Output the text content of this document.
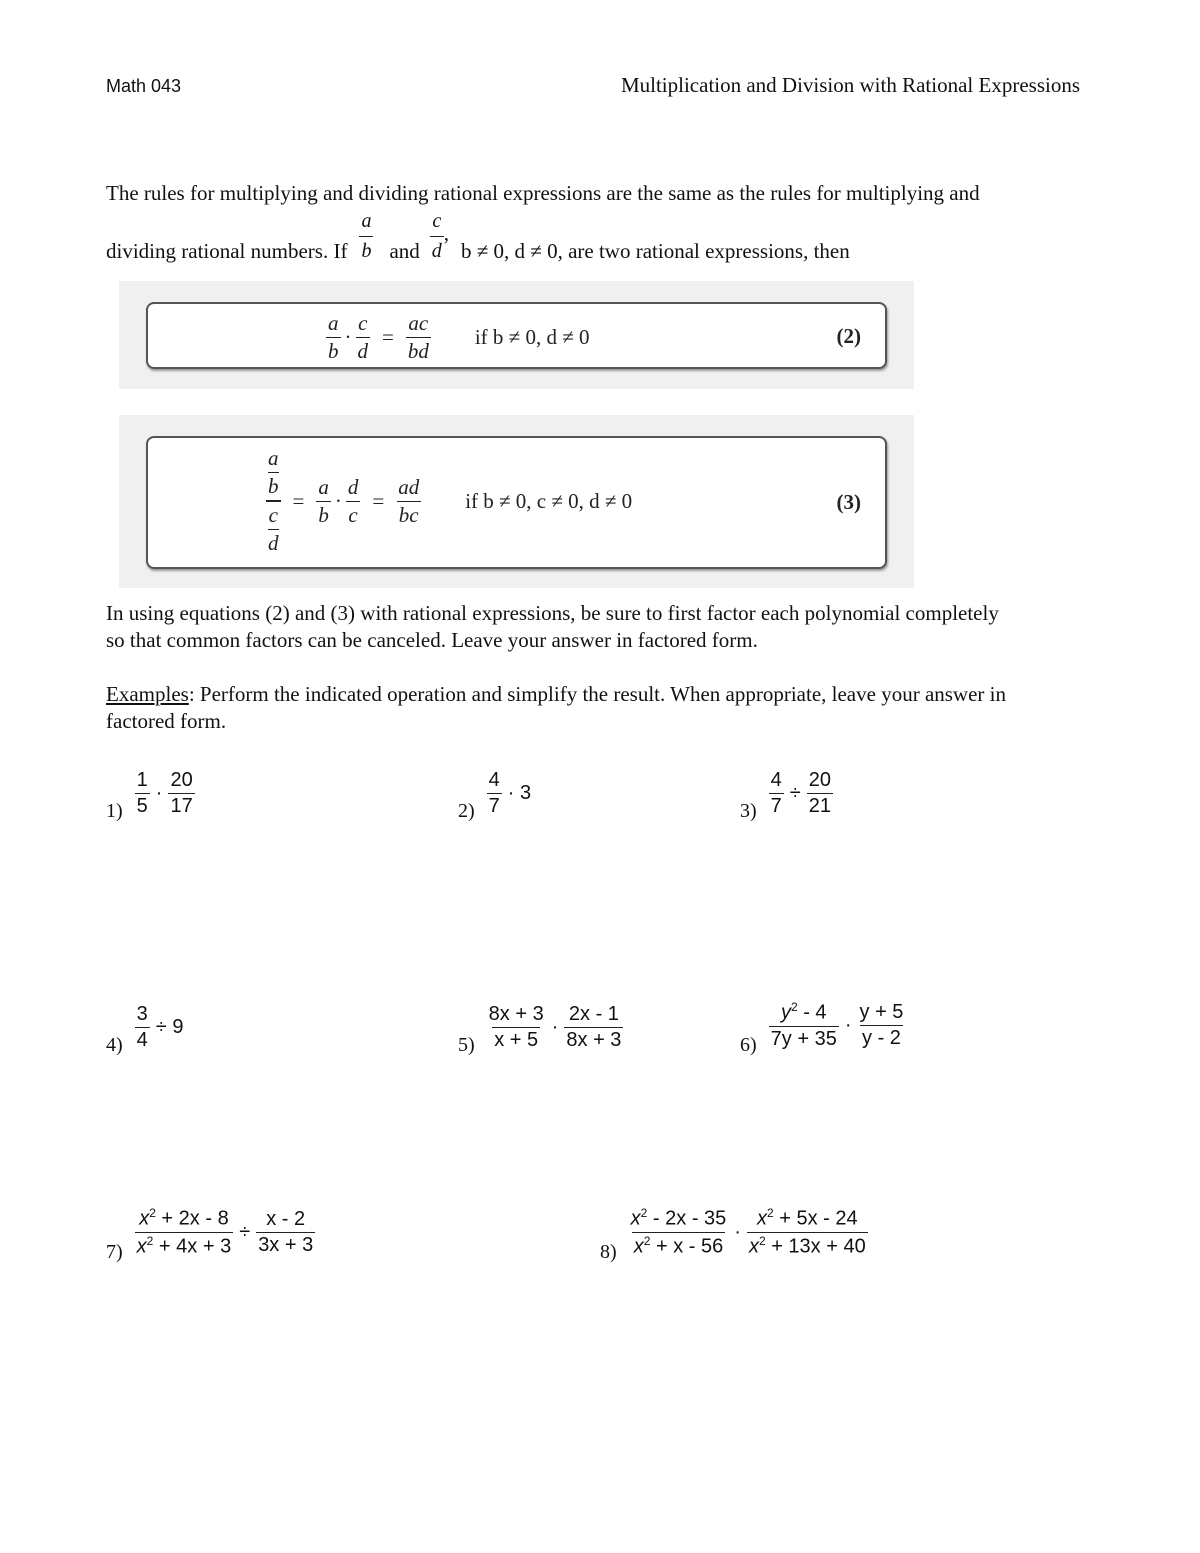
Math 043	Multiplication and Division with Rational Expressions
The rules for multiplying and dividing rational expressions are the same as the rules for multiplying and
dividing rational numbers. If $\frac{a}{b}$ and $\frac{c}{d}$ ,
b ≠ 0, d ≠ 0, are two rational expressions, then
$\frac{a}{b} \cdot \frac{c}{d} = \frac{ac}{bd}$ if b ≠ 0, d ≠ 0	(2)
a
b
c
$d = \frac{a}{b} \cdot \frac{d}{c} = \frac{ad}{bc}$ if b ≠ 0, c ≠ 0, d ≠ 0	(3)
In using equations (2) and (3) with rational expressions, be sure to first factor each polynomial completely
so that common factors can be canceled. Leave your answer in factored form.
Examples: Perform the indicated operation and simplify the result. When appropriate, leave your answer in
factored form.
$1) \frac{1}{5} \cdot \frac{20}{17}$	$2) \frac{4}{7} \cdot 3$
$3) \frac{4}{7} \div \frac{20}{21}$
$4) \frac{3}{4} \div 9$
$5) \frac{8x + 3}{x + 5} \cdot \frac{2x - 1}{8x + 3}$	$6) \frac{y^2 - 4}{7y + 35} \cdot \frac{y + 5}{y - 2}$
$7) \frac{x^2 + 2x - 8}{x^2 + 4x + 3} \div \frac{x - 2}{3x + 3}$	$8) \frac{x^2 - 2x - 35}{x^2 + x - 56} \cdot \frac{x^2 + 5x - 24}{x^2 + 13x + 40}$
